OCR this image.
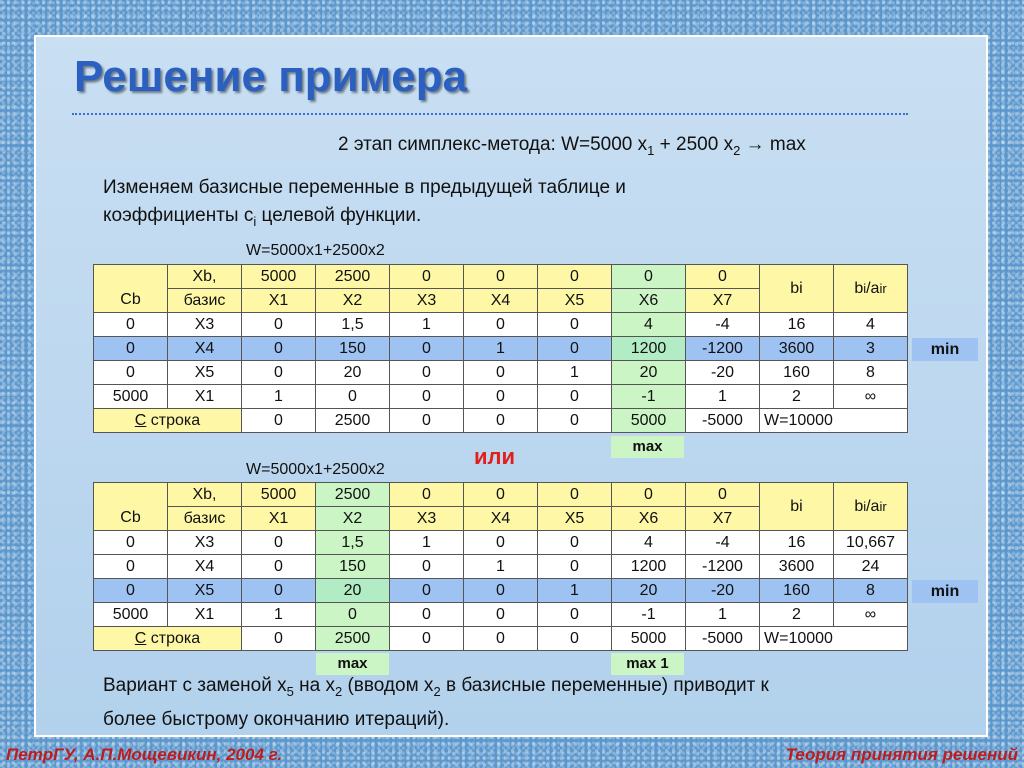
Решение примера
2 этап симплекс-метода: W=5000 $x_1 + 2500$ $x_2 \to \max$
Изменяем базисные переменные в предыдущей таблице и
коэффициенты $с_i$ целевой функции.
W=5000x1+2500x2
Cb	Xb,	5000	2500	0	0	0	0	0	bi	bi/air
	базис	X1	X2	X3	X4	X5	X6	X7		
0	X3	0	1,5	1	0	0	4	-4	16	4
0	X4	0	150	0	1	0	1200	-1200	3600	3
0	X5	0	20	0	0	1	20	-20	160	8
5000	X1	1	0	0	0	0	-1	1	2	∞
С строка		0	2500	0	0	0	5000	-5000	W=10000	
min
max
или
W=5000x1+2500x2
Cb	Xb,	5000	2500	0	0	0	0	0	bi	bi/air
	базис	X1	X2	X3	X4	X5	X6	X7		
0	X3	0	1,5	1	0	0	4	-4	16	10,667
0	X4	0	150	0	1	0	1200	-1200	3600	24
0	X5	0	20	0	0	1	20	-20	160	8
5000	X1	1	0	0	0	0	-1	1	2	∞
С строка		0	2500	0	0	0	5000	-5000	W=10000	
min
max	max 1
Вариант с заменой $x_5$ на $x_2$ (вводом $x_2$ в базисные переменные) приводит к
более быстрому окончанию итераций).
ПетрГУ, А.П.Мощевикин, 2004 г.	Теория принятия решений
